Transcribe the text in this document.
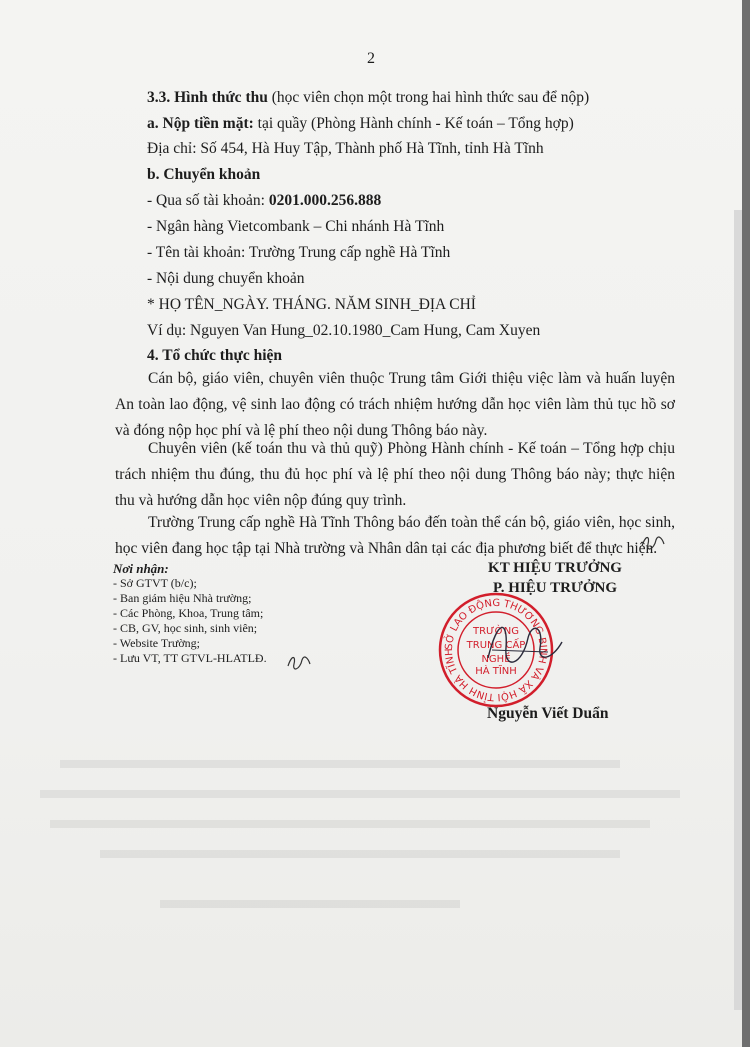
2
3.3. Hình thức thu (học viên chọn một trong hai hình thức sau để nộp)
a. Nộp tiền mặt: tại quầy (Phòng Hành chính - Kế toán – Tổng hợp)
Địa chỉ: Số 454, Hà Huy Tập, Thành phố Hà Tĩnh, tỉnh Hà Tĩnh
b. Chuyển khoản
- Qua số tài khoản: 0201.000.256.888
- Ngân hàng Vietcombank – Chi nhánh Hà Tĩnh
- Tên tài khoản: Trường Trung cấp nghề Hà Tĩnh
- Nội dung chuyển khoản
* HỌ TÊN_NGÀY. THÁNG. NĂM SINH_ĐỊA CHỈ
Ví dụ: Nguyen Van Hung_02.10.1980_Cam Hung, Cam Xuyen
4. Tổ chức thực hiện
Cán bộ, giáo viên, chuyên viên thuộc Trung tâm Giới thiệu việc làm và huấn luyện An toàn lao động, vệ sinh lao động có trách nhiệm hướng dẫn học viên làm thủ tục hồ sơ và đóng nộp học phí và lệ phí theo nội dung Thông báo này.
Chuyên viên (kế toán thu và thủ quỹ) Phòng Hành chính - Kế toán – Tổng hợp chịu trách nhiệm thu đúng, thu đủ học phí và lệ phí theo nội dung Thông báo này; thực hiện thu và hướng dẫn học viên nộp đúng quy trình.
Trường Trung cấp nghề Hà Tĩnh Thông báo đến toàn thể cán bộ, giáo viên, học sinh, học viên đang học tập tại Nhà trường và Nhân dân tại các địa phương biết để thực hiện.
Nơi nhận:
- Sở GTVT (b/c);
- Ban giám hiệu Nhà trường;
- Các Phòng, Khoa, Trung tâm;
- CB, GV, học sinh, sinh viên;
- Website Trường;
- Lưu VT, TT GTVL-HLATLĐ.
KT HIỆU TRƯỞNG
P. HIỆU TRƯỞNG
SỞ LAO ĐỘNG THƯƠNG BINH VÀ XÃ HỘI TỈNH HÀ TĨNH
TRƯỜNG
TRUNG CẤP
NGHỀ
HÀ TĨNH
Nguyễn Viết Duẩn
